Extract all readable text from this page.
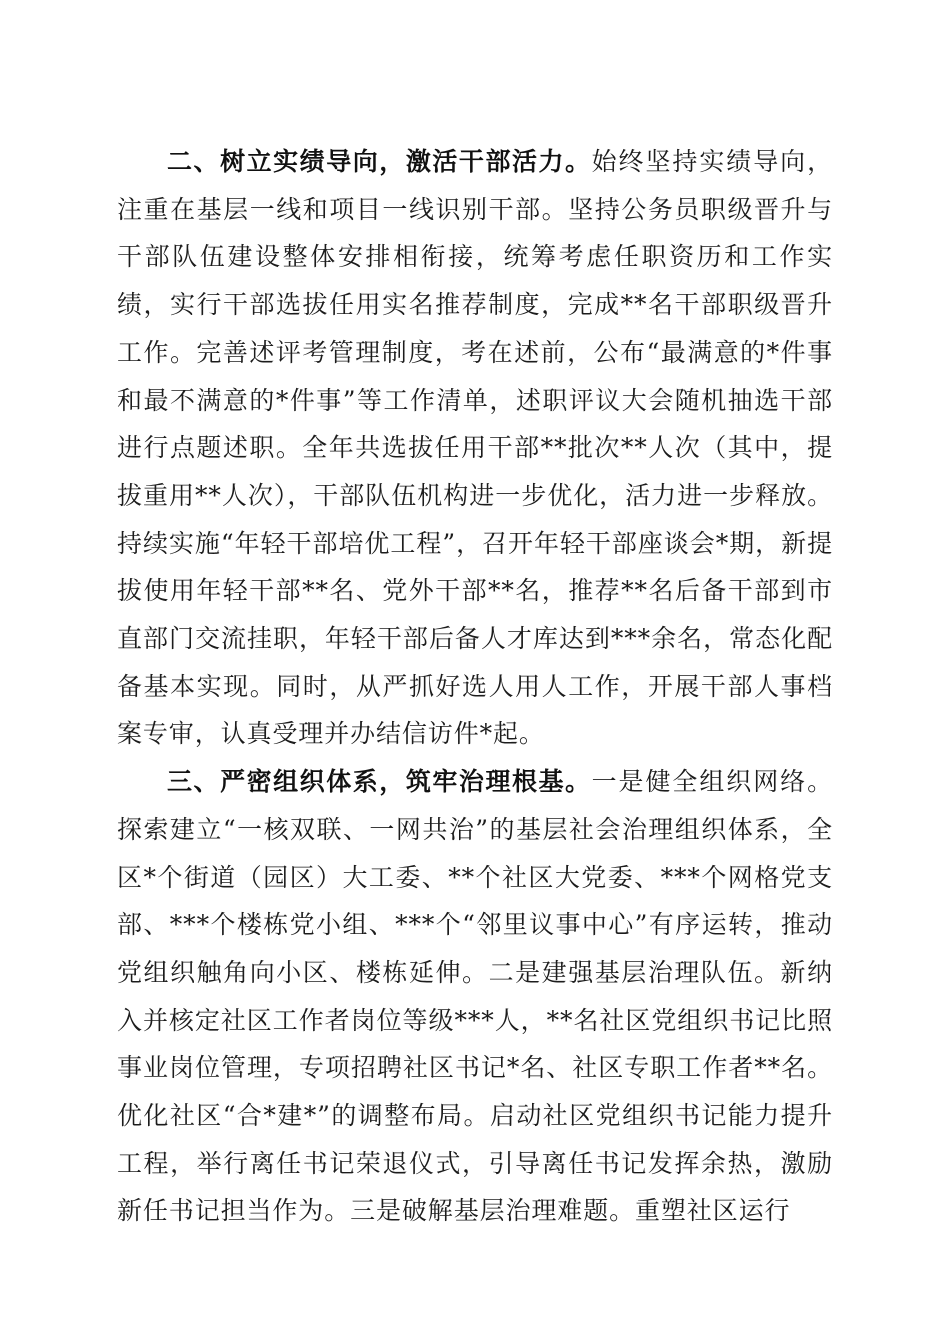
二、树立实绩导向，激活干部活力。始终坚持实绩导向，注重在基层一线和项目一线识别干部。坚持公务员职级晋升与干部队伍建设整体安排相衔接，统筹考虑任职资历和工作实绩，实行干部选拔任用实名推荐制度，完成**名干部职级晋升工作。完善述评考管理制度，考在述前，公布“最满意的*件事和最不满意的*件事”等工作清单，述职评议大会随机抽选干部进行点题述职。全年共选拔任用干部**批次**人次（其中，提拔重用**人次），干部队伍机构进一步优化，活力进一步释放。持续实施“年轻干部培优工程”，召开年轻干部座谈会*期，新提拔使用年轻干部**名、党外干部**名，推荐**名后备干部到市直部门交流挂职，年轻干部后备人才库达到***余名，常态化配备基本实现。同时，从严抓好选人用人工作，开展干部人事档案专审，认真受理并办结信访件*起。

三、严密组织体系，筑牢治理根基。一是健全组织网络。探索建立“一核双联、一网共治”的基层社会治理组织体系，全区*个街道（园区）大工委、**个社区大党委、***个网格党支部、***个楼栋党小组、***个“邻里议事中心”有序运转，推动党组织触角向小区、楼栋延伸。二是建强基层治理队伍。新纳入并核定社区工作者岗位等级***人，**名社区党组织书记比照事业岗位管理，专项招聘社区书记*名、社区专职工作者**名。优化社区“合*建*”的调整布局。启动社区党组织书记能力提升工程，举行离任书记荣退仪式，引导离任书记发挥余热，激励新任书记担当作为。三是破解基层治理难题。重塑社区运行
